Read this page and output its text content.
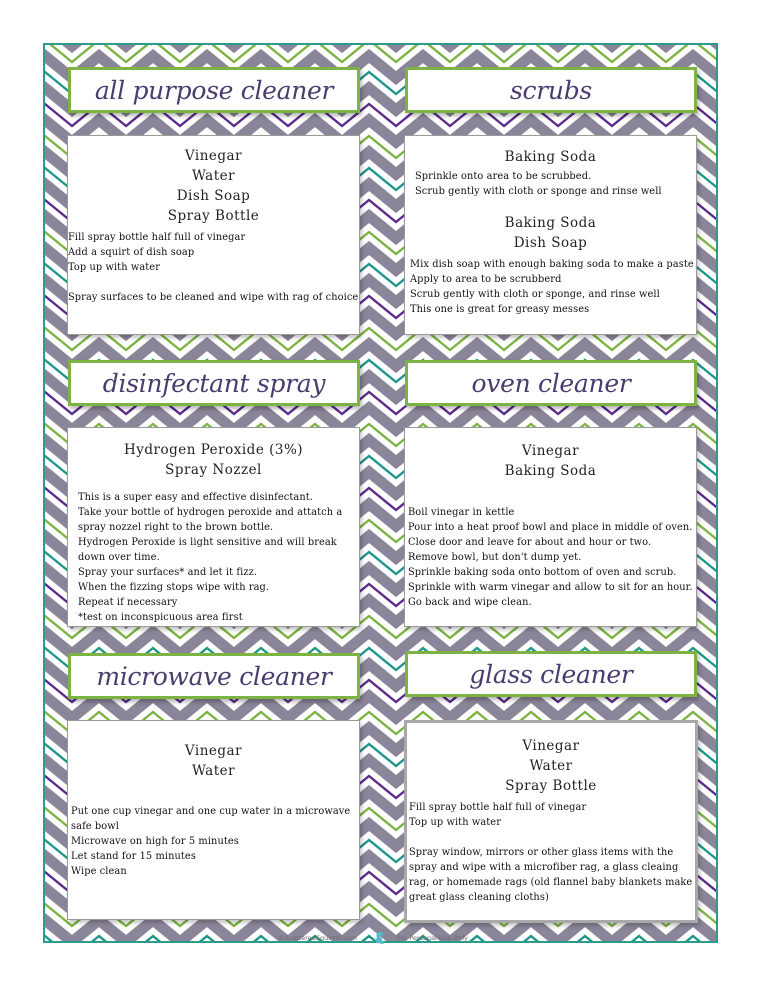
all purpose cleaner
Vinegar
Water
Dish Soap
Spray Bottle
Fill spray bottle half full of vinegar
Add a squirt of dish soap
Top up with water
Spray surfaces to be cleaned and wipe with rag of choice
scrubs
Baking Soda
Sprinkle onto area to be scrubbed.
Scrub gently with cloth or sponge and rinse well
Baking Soda
Dish Soap
Mix dish soap with enough baking soda to make a paste
Apply to area to be scrubberd
Scrub gently with cloth or sponge, and rinse well
This one is great for greasy messes
disinfectant spray
Hydrogen Peroxide (3%)
Spray Nozzel
This is a super easy and effective disinfectant.
Take your bottle of hydrogen peroxide and attatch a
spray nozzel right to the brown bottle.
Hydrogen Peroxide is light sensitive and will break
down over time.
Spray your surfaces* and let it fizz.
When the fizzing stops wipe with rag.
Repeat if necessary
*test on inconspicuous area first
oven cleaner
Vinegar
Baking Soda
Boil vinegar in kettle
Pour into a heat proof bowl and place in middle of oven.
Close door and leave for about and hour or two.
Remove bowl, but don't dump yet.
Sprinkle baking soda onto bottom of oven and scrub.
Sprinkle with warm vinegar and allow to sit for an hour.
Go back and wipe clean.
microwave cleaner
Vinegar
Water
Put one cup vinegar and one cup water in a microwave
safe bowl
Microwave on high for 5 minutes
Let stand for 15 minutes
Wipe clean
glass cleaner
Vinegar
Water
Spray Bottle
Fill spray bottle half full of vinegar
Top up with water
Spray window, mirrors or other glass items with the
spray and wipe with a microfiber rag, a glass cleaing
rag, or homemade rags (old flannel baby blankets make
great glass cleaning cloths)
©ScatteredSquirrel.com	For Personal Use Only
